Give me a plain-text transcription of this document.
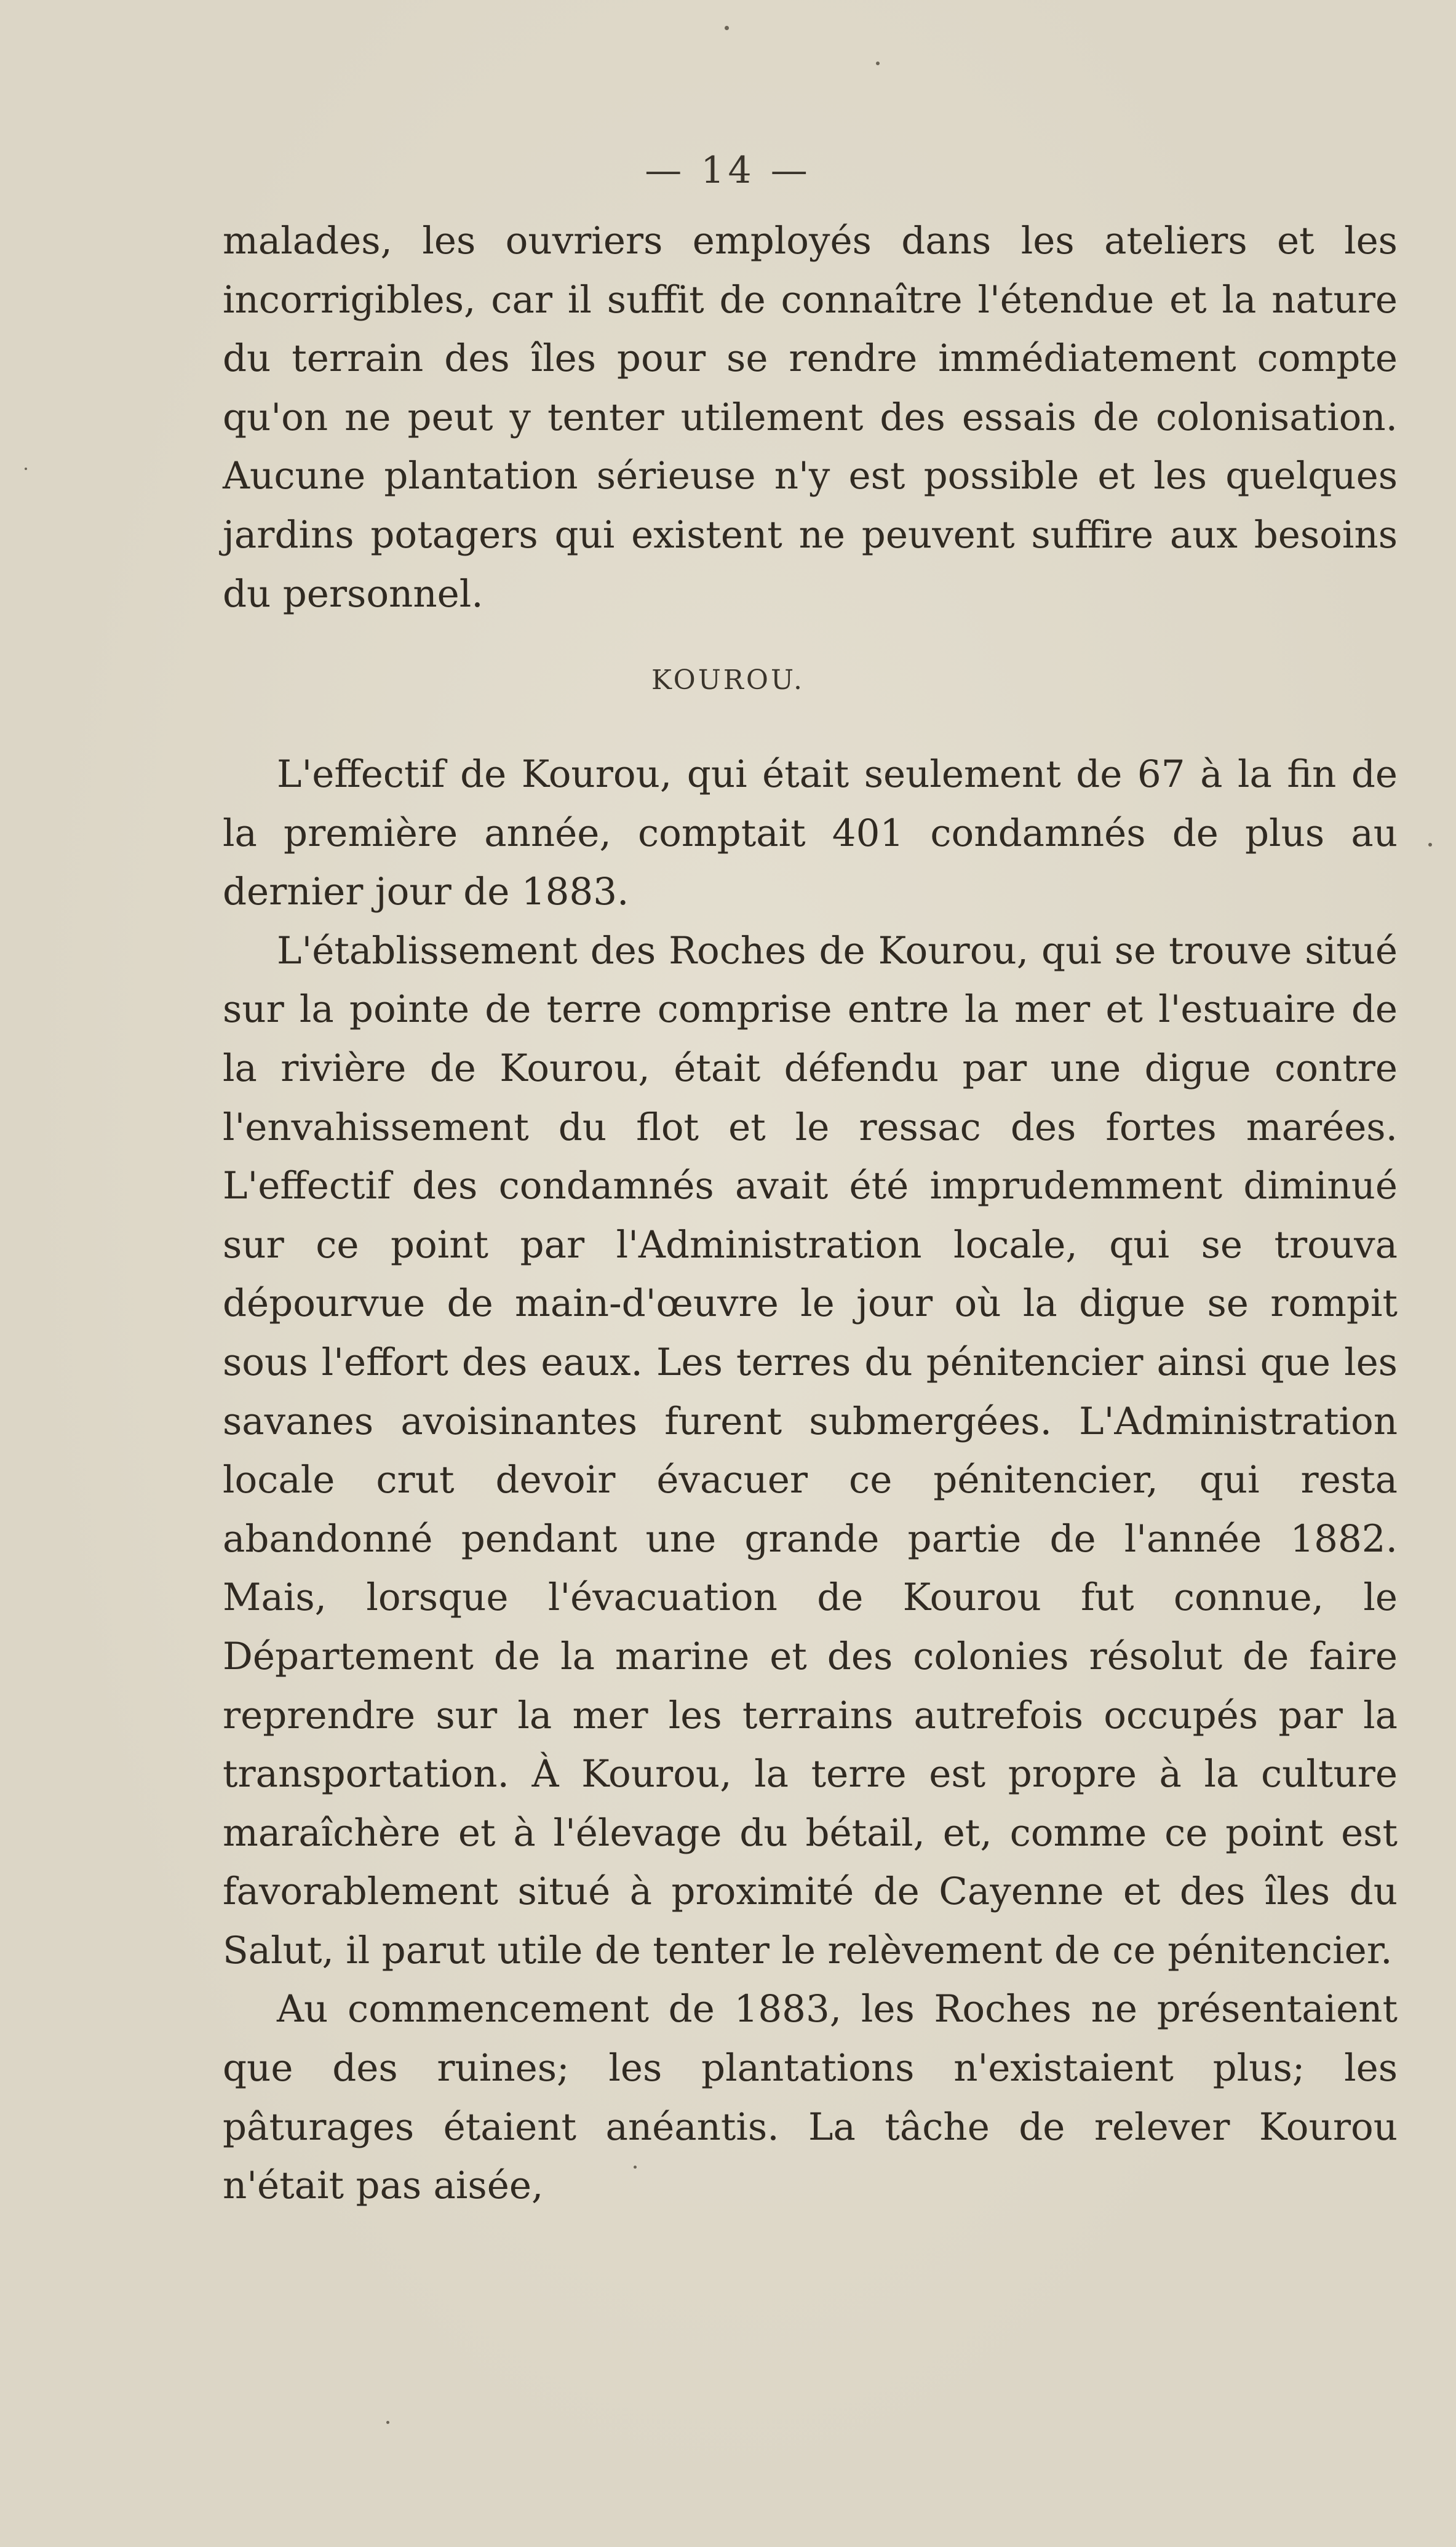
— 14 —

malades, les ouvriers employés dans les ateliers et les incorrigibles, car il suffit de connaître l'étendue et la nature du terrain des îles pour se rendre immédiatement compte qu'on ne peut y tenter utilement des essais de colonisation. Aucune plantation sérieuse n'y est possible et les quelques jardins potagers qui existent ne peuvent suffire aux besoins du personnel.

KOUROU.

L'effectif de Kourou, qui était seulement de 67 à la fin de la première année, comptait 401 condamnés de plus au dernier jour de 1883.

L'établissement des Roches de Kourou, qui se trouve situé sur la pointe de terre comprise entre la mer et l'estuaire de la rivière de Kourou, était défendu par une digue contre l'envahissement du flot et le ressac des fortes marées. L'effectif des condamnés avait été imprudemment diminué sur ce point par l'Administration locale, qui se trouva dépourvue de main-d'œuvre le jour où la digue se rompit sous l'effort des eaux. Les terres du pénitencier ainsi que les savanes avoisinantes furent submergées. L'Administration locale crut devoir évacuer ce pénitencier, qui resta abandonné pendant une grande partie de l'année 1882. Mais, lorsque l'évacuation de Kourou fut connue, le Département de la marine et des colonies résolut de faire reprendre sur la mer les terrains autrefois occupés par la transportation. À Kourou, la terre est propre à la culture maraîchère et à l'élevage du bétail, et, comme ce point est favorablement situé à proximité de Cayenne et des îles du Salut, il parut utile de tenter le relèvement de ce pénitencier.

Au commencement de 1883, les Roches ne présentaient que des ruines; les plantations n'existaient plus; les pâturages étaient anéantis. La tâche de relever Kourou n'était pas aisée,
